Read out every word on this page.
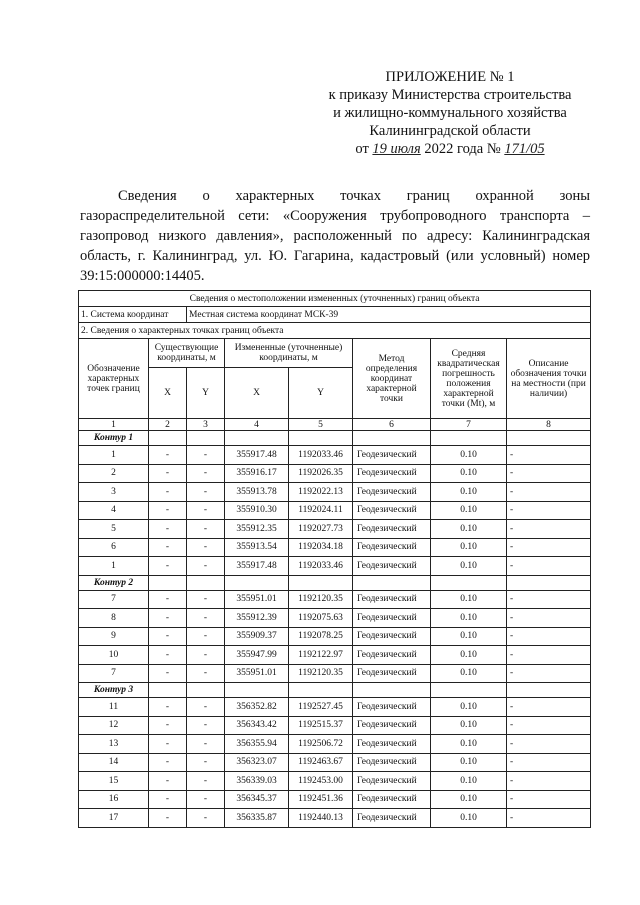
ПРИЛОЖЕНИЕ № 1
к приказу Министерства строительства
и жилищно-коммунального хозяйства
Калининградской области
от 19 июля 2022 года № 171/05
Сведения о характерных точках границ охранной зоны газораспределительной сети: «Сооружения трубопроводного транспорта – газопровод низкого давления», расположенный по адресу: Калининградская область, г. Калининград, ул. Ю. Гагарина, кадастровый (или условный) номер 39:15:000000:14405.
Сведения о местоположении измененных (уточненных) границ объекта							
1. Система координат		Местная система координат МСК-39					
2. Сведения о характерных точках границ объекта							
Обозначение характерных точек границ	Существующие координаты, м		Измененные (уточненные) координаты, м		Метод определения координат характерной точки	Средняя квадратическая погрешность положения характерной точки (Mt), м	Описание обозначения точки на местности (при наличии)
	X	Y	X	Y			
1	2	3	4	5	6	7	8
Контур 1							
1	-	-	355917.48	1192033.46	Геодезический	0.10	-
2	-	-	355916.17	1192026.35	Геодезический	0.10	-
3	-	-	355913.78	1192022.13	Геодезический	0.10	-
4	-	-	355910.30	1192024.11	Геодезический	0.10	-
5	-	-	355912.35	1192027.73	Геодезический	0.10	-
6	-	-	355913.54	1192034.18	Геодезический	0.10	-
1	-	-	355917.48	1192033.46	Геодезический	0.10	-
Контур 2							
7	-	-	355951.01	1192120.35	Геодезический	0.10	-
8	-	-	355912.39	1192075.63	Геодезический	0.10	-
9	-	-	355909.37	1192078.25	Геодезический	0.10	-
10	-	-	355947.99	1192122.97	Геодезический	0.10	-
7	-	-	355951.01	1192120.35	Геодезический	0.10	-
Контур 3							
11	-	-	356352.82	1192527.45	Геодезический	0.10	-
12	-	-	356343.42	1192515.37	Геодезический	0.10	-
13	-	-	356355.94	1192506.72	Геодезический	0.10	-
14	-	-	356323.07	1192463.67	Геодезический	0.10	-
15	-	-	356339.03	1192453.00	Геодезический	0.10	-
16	-	-	356345.37	1192451.36	Геодезический	0.10	-
17	-	-	356335.87	1192440.13	Геодезический	0.10	-
